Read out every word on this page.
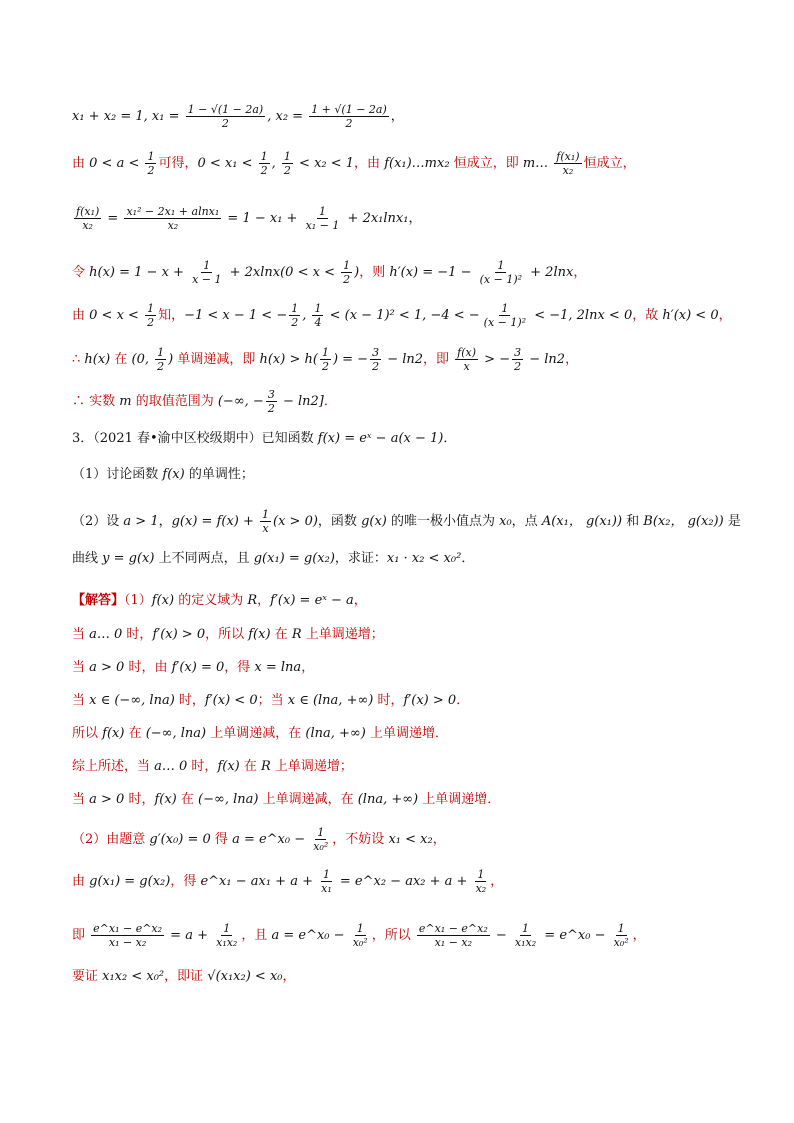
x₁ + x₂ = 1, $x_1 = \frac{1 - √(1 - 2a)}{2}$ , $x_2 = \frac{1 + √(1 - 2a)}{2}$ ，
由 $0 < a < \frac{1}{2}$ 可得，$0 < x_1 < \frac{1}{2}$ , $\frac{1}{2} < x_2 < 1$，由 f(x₁)…mx₂ 恒成立，即 m… $\frac{\text{f(x₁)}}{\text{x₂}}$ 恒成立，
$\frac{\text{f(x₁)}}{\text{x₂}} = \frac{\text{x₁² − 2x₁ + alnx₁}}{\text{x₂}} = 1 - x_1 + \frac{1}{\text{x₁ − 1}} + 2x_1\ln x_1$，
令 $h(x) = 1 - x + \frac{1}{x - 1} + 2xlnx(0 < x < \frac{1}{2}$ )，则 $h'(x) = -1 - \frac{1}{\text{(x − 1)²}} + 2\ln x$，
由 $0 < x < \frac{1}{2}$ 知，−1 < x − 1 < − $\frac{1}{2}$ , $\frac{1}{4} < (x - 1)^2 < 1$, −4 < − $\frac{1}{\text{(x − 1)²}} < -1$, 2lnx < 0，故 h′(x) < 0，
∴ h(x) 在 (0, $\frac{1}{2}$ ) 单调递减，即 $h(x) > h( \frac{1}{2}$ ) = − $\frac{3}{2} - \ln 2$，即 $\frac{f(x)}{x}$ > − $\frac{3}{2} - \ln 2$，
∴ 实数 m 的取值范围为 (−∞, − $\frac{3}{2} - \ln 2$]．
3．（2021 春•渝中区校级期中）已知函数 f(x) = eˣ − a(x − 1)．
（1）讨论函数 f(x) 的单调性；
（2）设 a > 1，$g(x) = f(x) + \frac{1}{x} (x > 0)$，函数 g(x) 的唯一极小值点为 x₀，点 A(x₁， g(x₁)) 和 B(x₂， g(x₂)) 是
曲线 y = g(x) 上不同两点，且 g(x₁) = g(x₂)，求证：x₁ · x₂ < x₀²．
【解答】（1）f(x) 的定义域为 R，f′(x) = eˣ − a，
当 a… 0 时，f′(x) > 0，所以 f(x) 在 R 上单调递增；
当 a > 0 时，由 f′(x) = 0，得 x = lna，
当 x ∈ (−∞, lna) 时，f′(x) < 0；当 x ∈ (lna, +∞) 时，f′(x) > 0．
所以 f(x) 在 (−∞, lna) 上单调递减，在 (lna, +∞) 上单调递增．
综上所述，当 a… 0 时，f(x) 在 R 上单调递增；
当 a > 0 时，f(x) 在 (−∞, lna) 上单调递减，在 (lna, +∞) 上单调递增．
（2）由题意 g′(x₀) = 0 得 a = e^x₀ − $\frac{1}{\text{x₀²}}$ ，不妨设 x₁ < x₂，
由 g(x₁) = g(x₂)，得 e^x₁ − $ax_1 + a + \frac{1}{\text{x₁}}$ = e^x₂ − $ax_2 + a + \frac{1}{\text{x₂}}$ ，
即 $\frac{\text{e\textasciicircum{}x₁ − e\textasciicircum{}x₂}}{\text{x₁ − x₂}} = a + \frac{1}{\text{x₁x₂}}$ ，且 a = e^x₀ − $\frac{1}{\text{x₀²}}$ ，所以 $\frac{\text{e\textasciicircum{}x₁ − e\textasciicircum{}x₂}}{\text{x₁ − x₂}} - \frac{1}{\text{x₁x₂}}$ = e^x₀ − $\frac{1}{\text{x₀²}}$ ，
要证 x₁x₂ < x₀²，即证 √(x₁x₂) < x₀，
